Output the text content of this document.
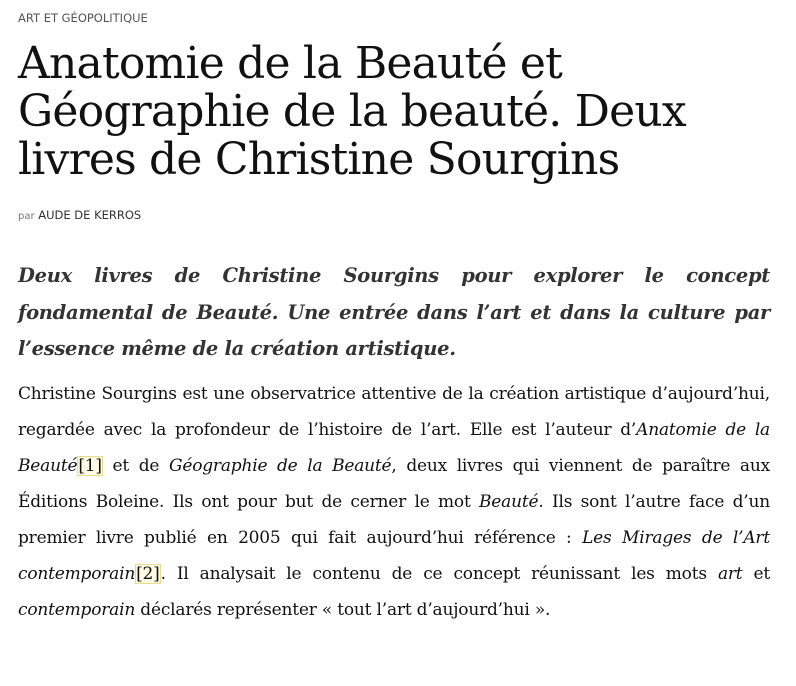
ART ET GÉOPOLITIQUE
Anatomie de la Beauté et Géographie de la beauté. Deux livres de Christine Sourgins
par AUDE DE KERROS

Deux livres de Christine Sourgins pour explorer le concept fondamental de Beauté. Une entrée dans l’art et dans la culture par l’essence même de la création artistique.

Christine Sourgins est une observatrice attentive de la création artistique d’aujourd’hui, regardée avec la profondeur de l’histoire de l’art. Elle est l’auteur d’Anatomie de la Beauté[1] et de Géographie de la Beauté, deux livres qui viennent de paraître aux Éditions Boleine. Ils ont pour but de cerner le mot Beauté. Ils sont l’autre face d’un premier livre publié en 2005 qui fait aujourd’hui référence : Les Mirages de l’Art contemporain[2]. Il analysait le contenu de ce concept réunissant les mots art et contemporain déclarés représenter « tout l’art d’aujourd’hui ».
